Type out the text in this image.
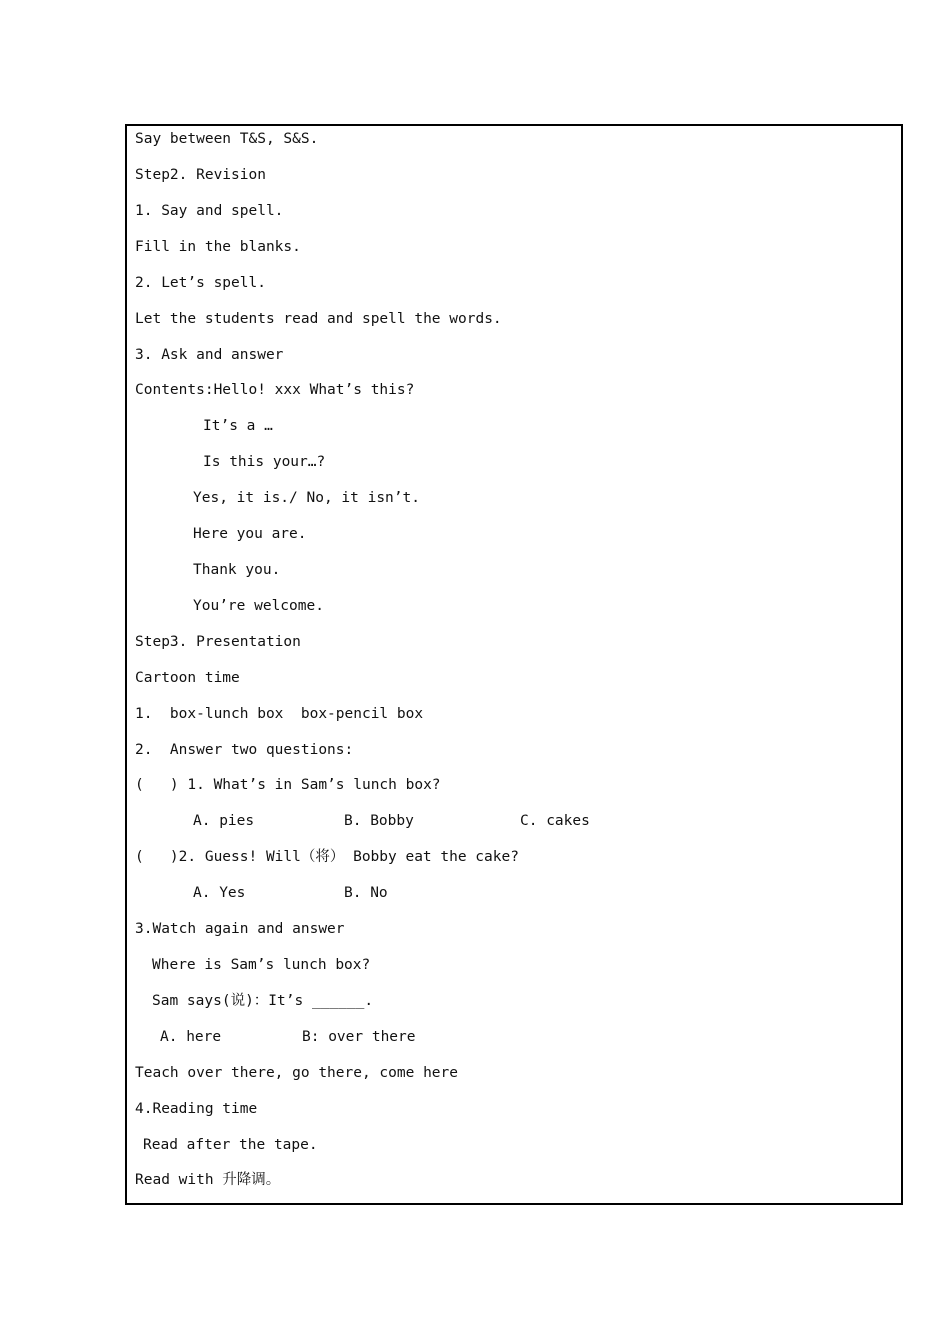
Say between T&S, S&S.
Step2. Revision
1. Say and spell.
Fill in the blanks.
2. Let’s spell.
Let the students read and spell the words.
3. Ask and answer
Contents:Hello! xxx What’s this?
It’s a …
Is this your…?
Yes, it is./ No, it isn’t.
Here you are.
Thank you.
You’re welcome.
Step3. Presentation
Cartoon time
1.  box-lunch box  box-pencil box
2.  Answer two questions:
(   ) 1. What’s in Sam’s lunch box?
A. pies	B. Bobby	C. cakes
(   )2. Guess! Will（将） Bobby eat the cake?
A. Yes	B. No
3.Watch again and answer
Where is Sam’s lunch box?
Sam says(说)：It’s ______.
A. here	B: over there
Teach over there, go there, come here
4.Reading time
Read after the tape.
Read with 升降调。
